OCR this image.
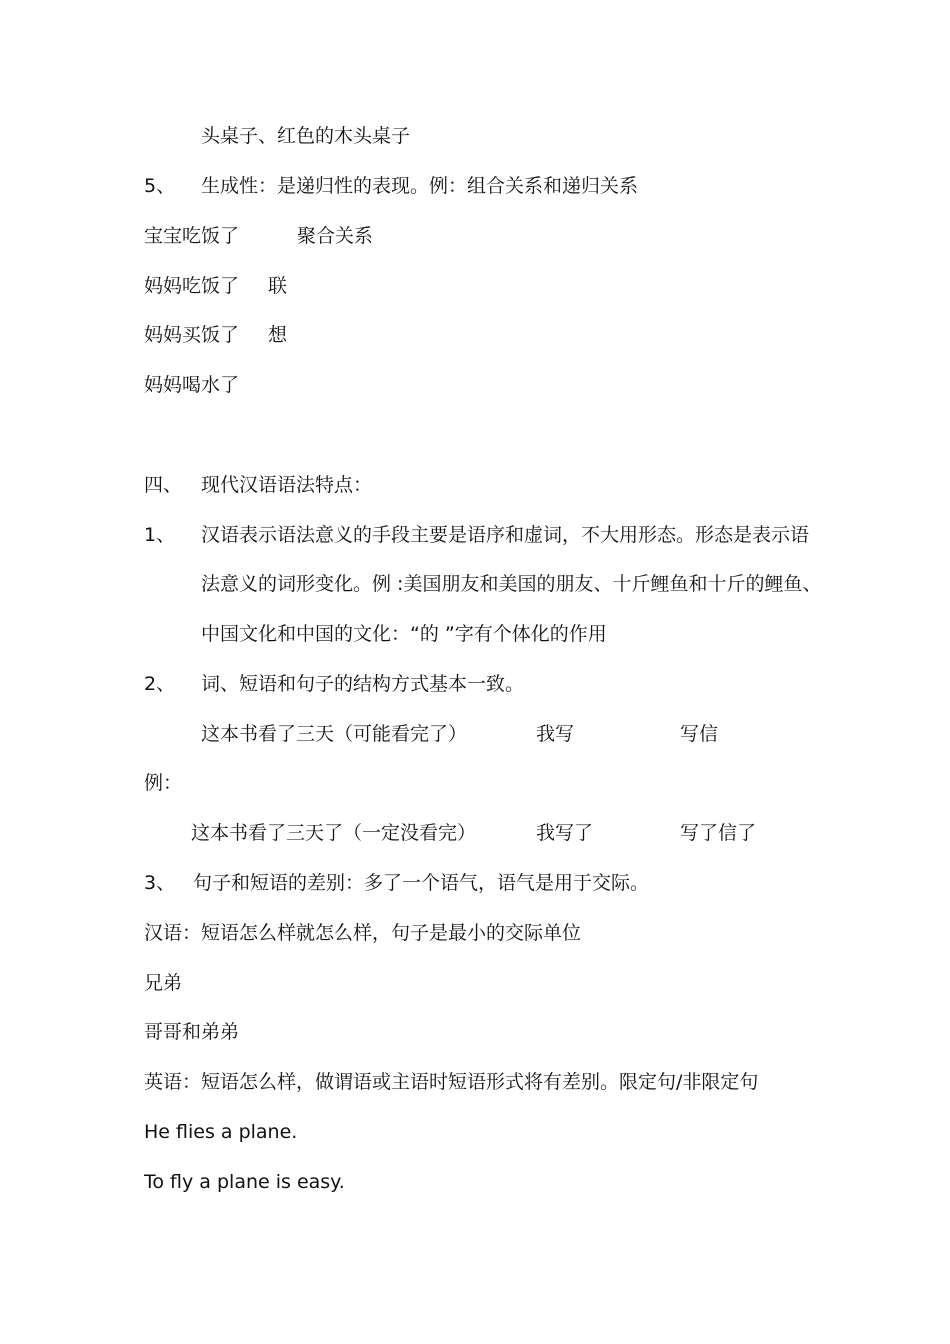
头桌子、红色的木头桌子
5、 生成性：是递归性的表现。例：组合关系和递归关系
宝宝吃饭了	聚合关系
妈妈吃饭了 联
妈妈买饭了 想
妈妈喝水了
四、 现代汉语语法特点：
1、 汉语表示语法意义的手段主要是语序和虚词，不大用形态。形态是表示语
法意义的词形变化。例 :美国朋友和美国的朋友、十斤鲤鱼和十斤的鲤鱼、
中国文化和中国的文化：“的 ”字有个体化的作用
2、 词、短语和句子的结构方式基本一致。
这本书看了三天（可能看完了）	我写	写信
例：
这本书看了三天了（一定没看完）	我写了	写了信了
3、 句子和短语的差别：多了一个语气，语气是用于交际。
汉语：短语怎么样就怎么样，句子是最小的交际单位
兄弟
哥哥和弟弟
英语：短语怎么样，做谓语或主语时短语形式将有差别。限定句/非限定句
He flies a plane.
To fly a plane is easy.
